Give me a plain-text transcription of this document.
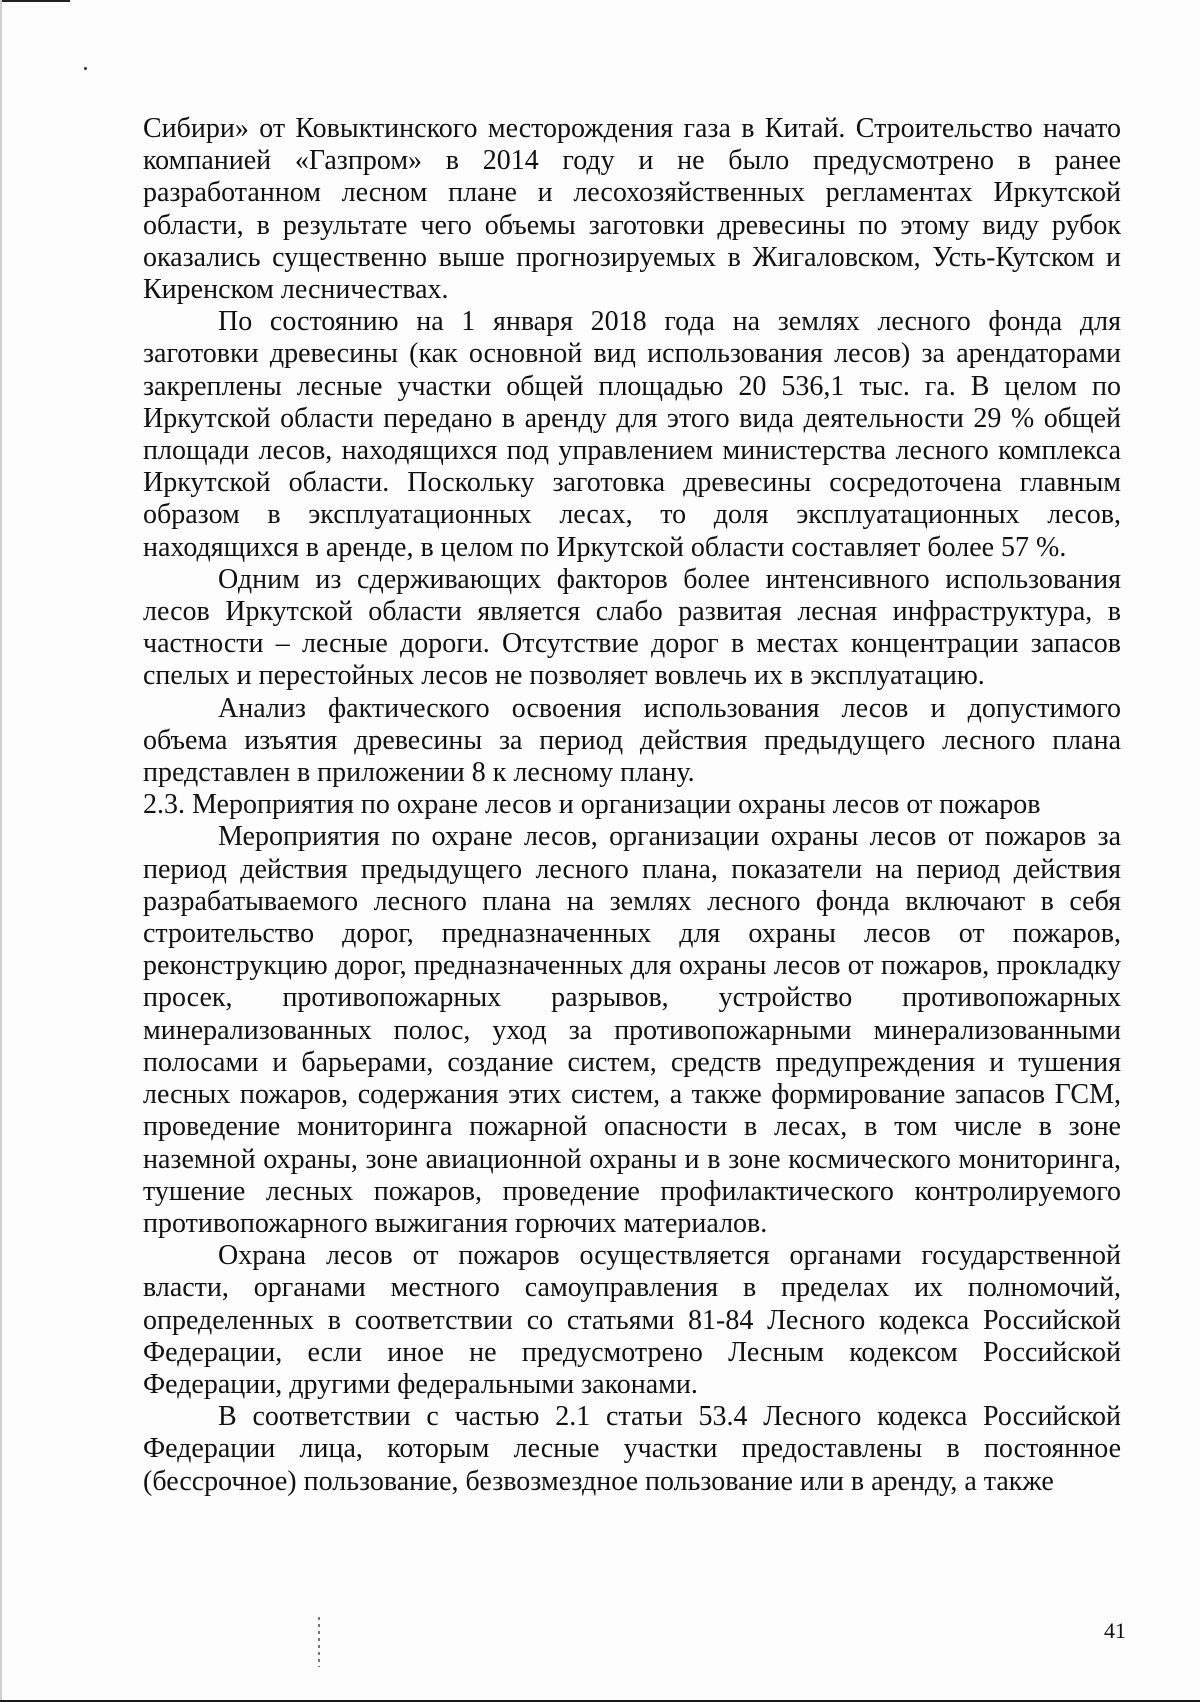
Сибири» от Ковыктинского месторождения газа в Китай. Строительство начато компанией «Газпром» в 2014 году и не было предусмотрено в ранее разработанном лесном плане и лесохозяйственных регламентах Иркутской области, в результате чего объемы заготовки древесины по этому виду рубок оказались существенно выше прогнозируемых в Жигаловском, Усть-Кутском и Киренском лесничествах.

По состоянию на 1 января 2018 года на землях лесного фонда для заготовки древесины (как основной вид использования лесов) за арендаторами закреплены лесные участки общей площадью 20 536,1 тыс. га. В целом по Иркутской области передано в аренду для этого вида деятельности 29 % общей площади лесов, находящихся под управлением министерства лесного комплекса Иркутской области. Поскольку заготовка древесины сосредоточена главным образом в эксплуатационных лесах, то доля эксплуатационных лесов, находящихся в аренде, в целом по Иркутской области составляет более 57 %.

Одним из сдерживающих факторов более интенсивного использования лесов Иркутской области является слабо развитая лесная инфраструктура, в частности – лесные дороги. Отсутствие дорог в местах концентрации запасов спелых и перестойных лесов не позволяет вовлечь их в эксплуатацию.

Анализ фактического освоения использования лесов и допустимого объема изъятия древесины за период действия предыдущего лесного плана представлен в приложении 8 к лесному плану.

2.3. Мероприятия по охране лесов и организации охраны лесов от пожаров

Мероприятия по охране лесов, организации охраны лесов от пожаров за период действия предыдущего лесного плана, показатели на период действия разрабатываемого лесного плана на землях лесного фонда включают в себя строительство дорог, предназначенных для охраны лесов от пожаров, реконструкцию дорог, предназначенных для охраны лесов от пожаров, прокладку просек, противопожарных разрывов, устройство противопожарных минерализованных полос, уход за противопожарными минерализованными полосами и барьерами, создание систем, средств предупреждения и тушения лесных пожаров, содержания этих систем, а также формирование запасов ГСМ, проведение мониторинга пожарной опасности в лесах, в том числе в зоне наземной охраны, зоне авиационной охраны и в зоне космического мониторинга, тушение лесных пожаров, проведение профилактического контролируемого противопожарного выжигания горючих материалов.

Охрана лесов от пожаров осуществляется органами государственной власти, органами местного самоуправления в пределах их полномочий, определенных в соответствии со статьями 81-84 Лесного кодекса Российской Федерации, если иное не предусмотрено Лесным кодексом Российской Федерации, другими федеральными законами.

В соответствии с частью 2.1 статьи 53.4 Лесного кодекса Российской Федерации лица, которым лесные участки предоставлены в постоянное (бессрочное) пользование, безвозмездное пользование или в аренду, а также

41
